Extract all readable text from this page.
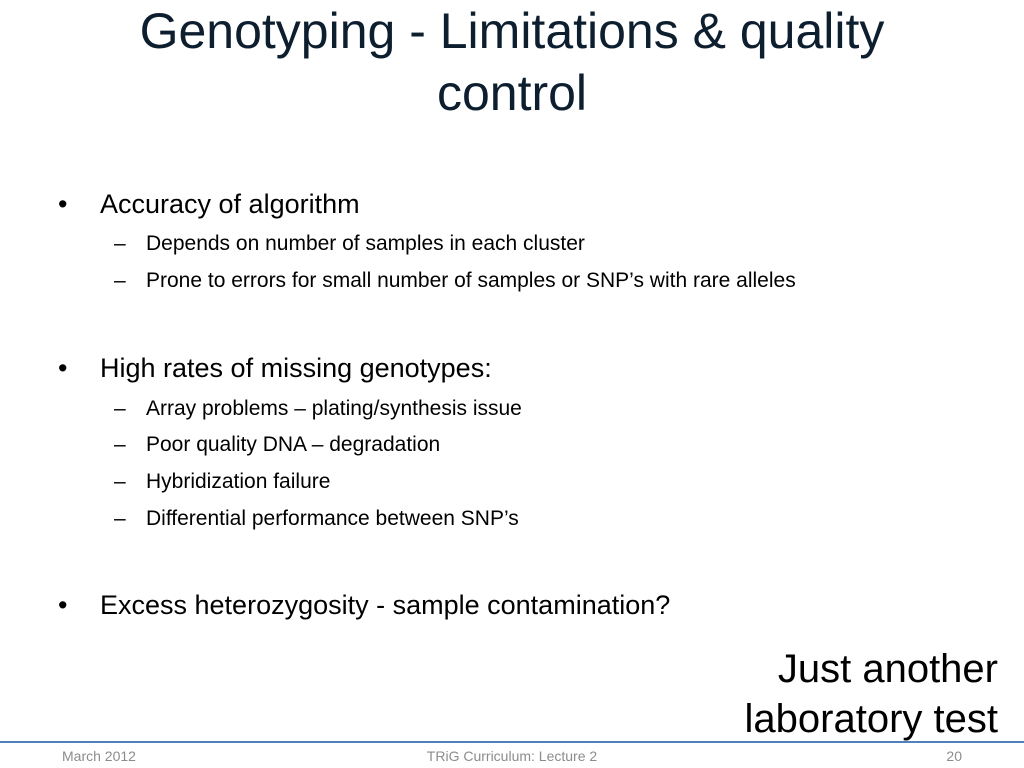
Genotyping - Limitations & quality
control
• Accuracy of algorithm
– Depends on number of samples in each cluster
– Prone to errors for small number of samples or SNP’s with rare alleles
• High rates of missing genotypes:
– Array problems – plating/synthesis issue
– Poor quality DNA – degradation
– Hybridization failure
– Differential performance between SNP’s
• Excess heterozygosity - sample contamination?
Just another
laboratory test
TRiG Curriculum: Lecture 2
March 2012	20
